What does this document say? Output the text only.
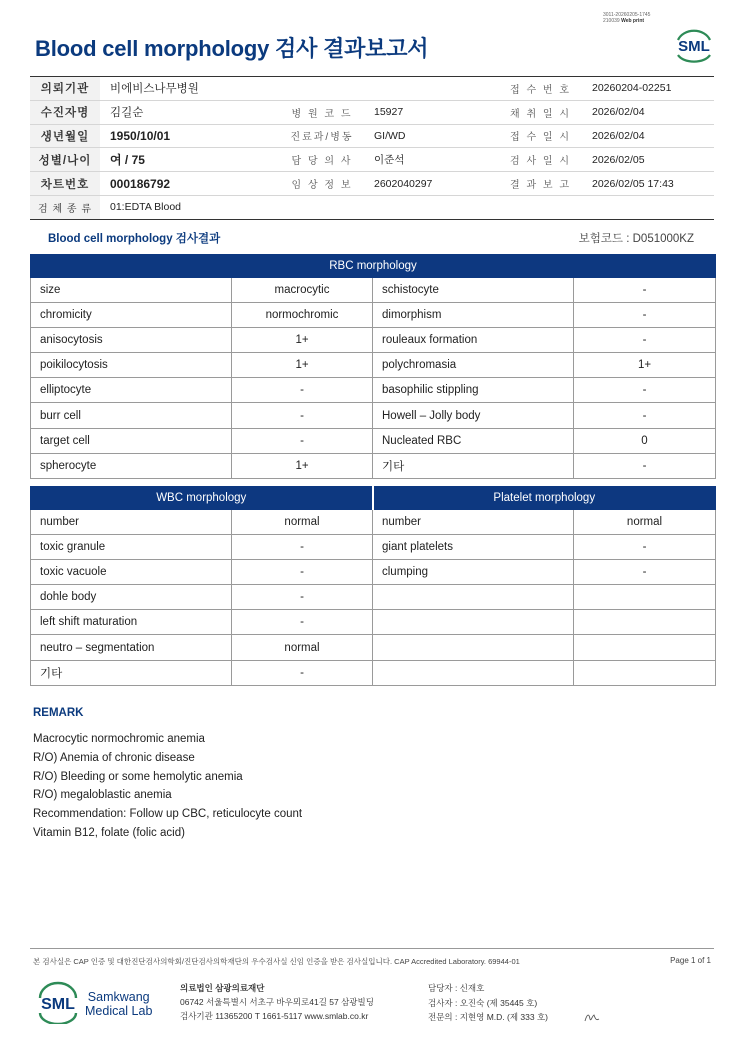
3011-20260205-1745
210039 Web print
Blood cell morphology 검사 결과보고서	SML
의뢰기관	비에비스나무병원			접 수 번 호	20260204-02251
수진자명	김길순	병 원 코 드	15927	채 취 일 시	2026/02/04
생년월일	1950/10/01	진료과/병동	GI/WD	접 수 일 시	2026/02/04
성별/나이	여 / 75	담 당 의 사	이준석	검 사 일 시	2026/02/05
차트번호	000186792	임 상 정 보	2602040297	결 과 보 고	2026/02/05 17:43
검 체 종 류	01:EDTA Blood				
Blood cell morphology 검사결과	보험코드 : D051000KZ
RBC morphology			
size	macrocytic	schistocyte	-
chromicity	normochromic	dimorphism	-
anisocytosis	1+	rouleaux formation	-
poikilocytosis	1+	polychromasia	1+
elliptocyte	-	basophilic stippling	-
burr cell	-	Howell – Jolly body	-
target cell	-	Nucleated RBC	0
spherocyte	1+	기타	-
WBC morphology		Platelet morphology	
number	normal	number	normal
toxic granule	-	giant platelets	-
toxic vacuole	-	clumping	-
dohle body	-		
left shift maturation	-		
neutro – segmentation	normal		
기타	-		
REMARK
Macrocytic normochromic anemia
R/O) Anemia of chronic disease
R/O) Bleeding or some hemolytic anemia
R/O) megaloblastic anemia
Recommendation: Follow up CBC, reticulocyte count
Vitamin B12, folate (folic acid)
본 검사실은 CAP 인증 및 대한진단검사의학회/진단검사의학재단의 우수검사실 신임 인증을 받은 검사실입니다. CAP Accredited Laboratory. 69944-01	Page 1 of 1
SML Samkwang
Medical Lab
의료법인 삼광의료재단
06742 서울특별시 서초구 바우뫼로41길 57 삼광빌딩
검사기관 11365200 T 1661-5117 www.smlab.co.kr
담당자 : 신재호
검사자 : 오진숙 (제 35445 호)
전문의 : 지현영 M.D. (제 333 호)
